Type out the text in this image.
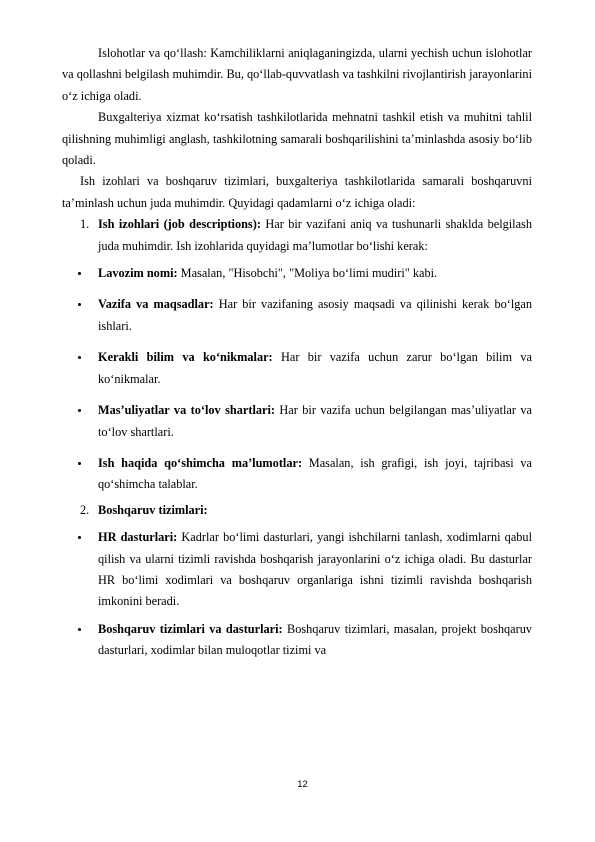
Islohotlar va qo‘llash: Kamchiliklarni aniqlaganingizda, ularni yechish uchun islohotlar va qollashni belgilash muhimdir. Bu, qo‘llab-quvvatlash va tashkilni rivojlantirish jarayonlarini o‘z ichiga oladi.

Buxgalteriya xizmat ko‘rsatish tashkilotlarida mehnatni tashkil etish va muhitni tahlil qilishning muhimligi anglash, tashkilotning samarali boshqarilishini ta’minlashda asosiy bo‘lib qoladi.

Ish izohlari va boshqaruv tizimlari, buxgalteriya tashkilotlarida samarali boshqaruvni ta’minlash uchun juda muhimdir. Quyidagi qadamlarni o‘z ichiga oladi:

1. Ish izohlari (job descriptions): Har bir vazifani aniq va tushunarli shaklda belgilash juda muhimdir. Ish izohlarida quyidagi ma’lumotlar bo‘lishi kerak:

Lavozim nomi: Masalan, "Hisobchi", "Moliya bo‘limi mudiri" kabi.

Vazifa va maqsadlar: Har bir vazifaning asosiy maqsadi va qilinishi kerak bo‘lgan ishlari.

Kerakli bilim va ko‘nikmalar: Har bir vazifa uchun zarur bo‘lgan bilim va ko‘nikmalar.

Mas’uliyatlar va to‘lov shartlari: Har bir vazifa uchun belgilangan mas’uliyatlar va to‘lov shartlari.

Ish haqida qo‘shimcha ma’lumotlar: Masalan, ish grafigi, ish joyi, tajribasi va qo‘shimcha talablar.

2. Boshqaruv tizimlari:

HR dasturlari: Kadrlar bo‘limi dasturlari, yangi ishchilarni tanlash, xodimlarni qabul qilish va ularni tizimli ravishda boshqarish jarayonlarini o‘z ichiga oladi. Bu dasturlar HR bo‘limi xodimlari va boshqaruv organlariga ishni tizimli ravishda boshqarish imkonini beradi.

Boshqaruv tizimlari va dasturlari: Boshqaruv tizimlari, masalan, projekt boshqaruv dasturlari, xodimlar bilan muloqotlar tizimi va

12
